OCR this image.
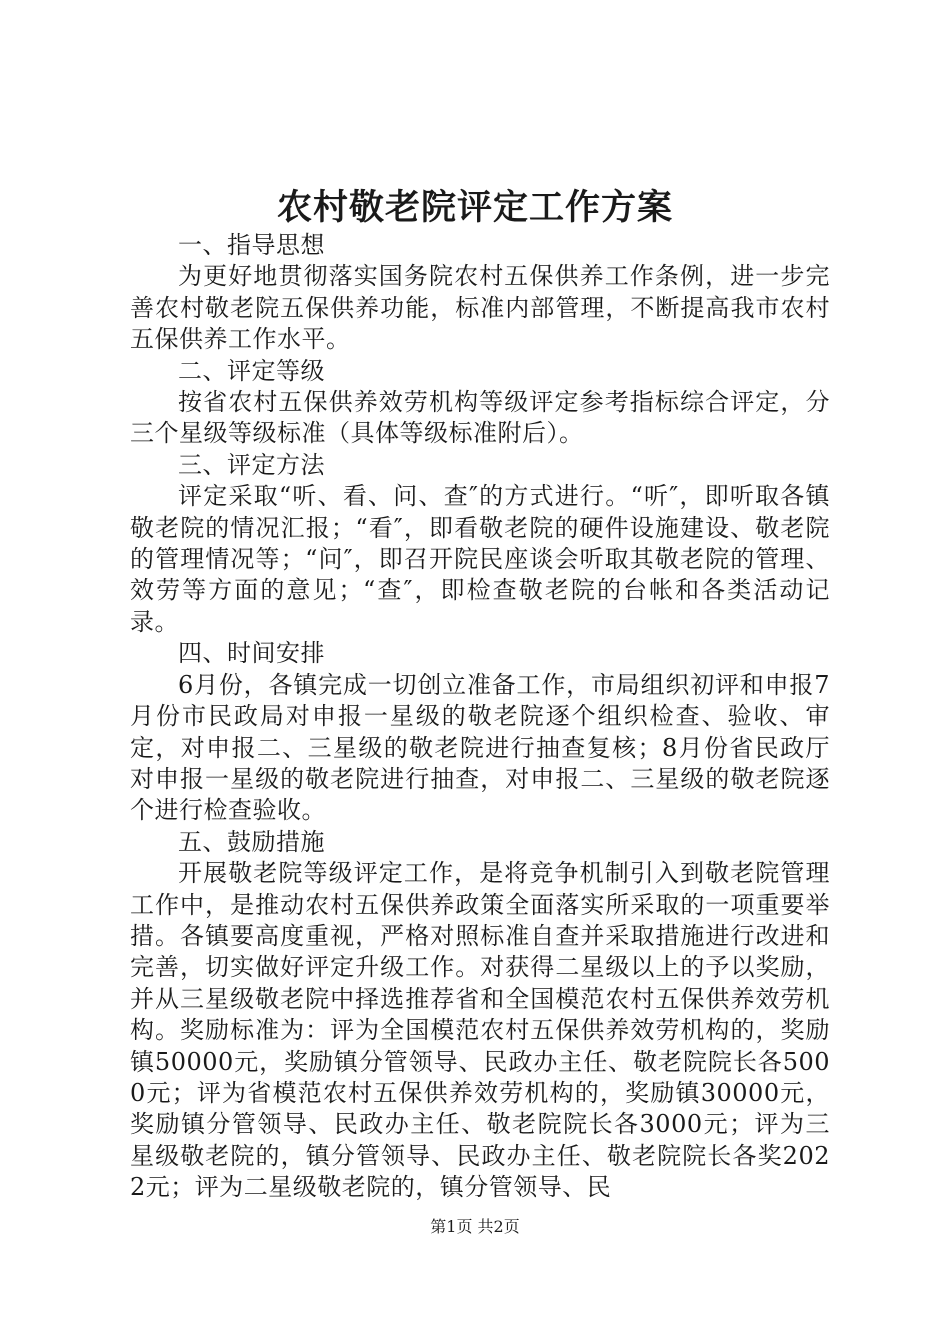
农村敬老院评定工作方案

一、指导思想

为更好地贯彻落实国务院农村五保供养工作条例，进一步完善农村敬老院五保供养功能，标准内部管理，不断提高我市农村五保供养工作水平。

二、评定等级

按省农村五保供养效劳机构等级评定参考指标综合评定，分三个星级等级标准（具体等级标准附后）。

三、评定方法

评定采取“听、看、问、查″的方式进行。“听″，即听取各镇敬老院的情况汇报；“看″，即看敬老院的硬件设施建设、敬老院的管理情况等；“问″，即召开院民座谈会听取其敬老院的管理、效劳等方面的意见；“查″，即检查敬老院的台帐和各类活动记录。

四、时间安排

6月份，各镇完成一切创立准备工作，市局组织初评和申报7月份市民政局对申报一星级的敬老院逐个组织检查、验收、审定，对申报二、三星级的敬老院进行抽查复核；8月份省民政厅对申报一星级的敬老院进行抽查，对申报二、三星级的敬老院逐个进行检查验收。

五、鼓励措施

开展敬老院等级评定工作，是将竞争机制引入到敬老院管理工作中，是推动农村五保供养政策全面落实所采取的一项重要举措。各镇要高度重视，严格对照标准自查并采取措施进行改进和完善，切实做好评定升级工作。对获得二星级以上的予以奖励，并从三星级敬老院中择选推荐省和全国模范农村五保供养效劳机构。奖励标准为：评为全国模范农村五保供养效劳机构的，奖励镇50000元，奖励镇分管领导、民政办主任、敬老院院长各5000元；评为省模范农村五保供养效劳机构的，奖励镇30000元，奖励镇分管领导、民政办主任、敬老院院长各3000元；评为三星级敬老院的，镇分管领导、民政办主任、敬老院院长各奖2022元；评为二星级敬老院的，镇分管领导、民

第1页 共2页
